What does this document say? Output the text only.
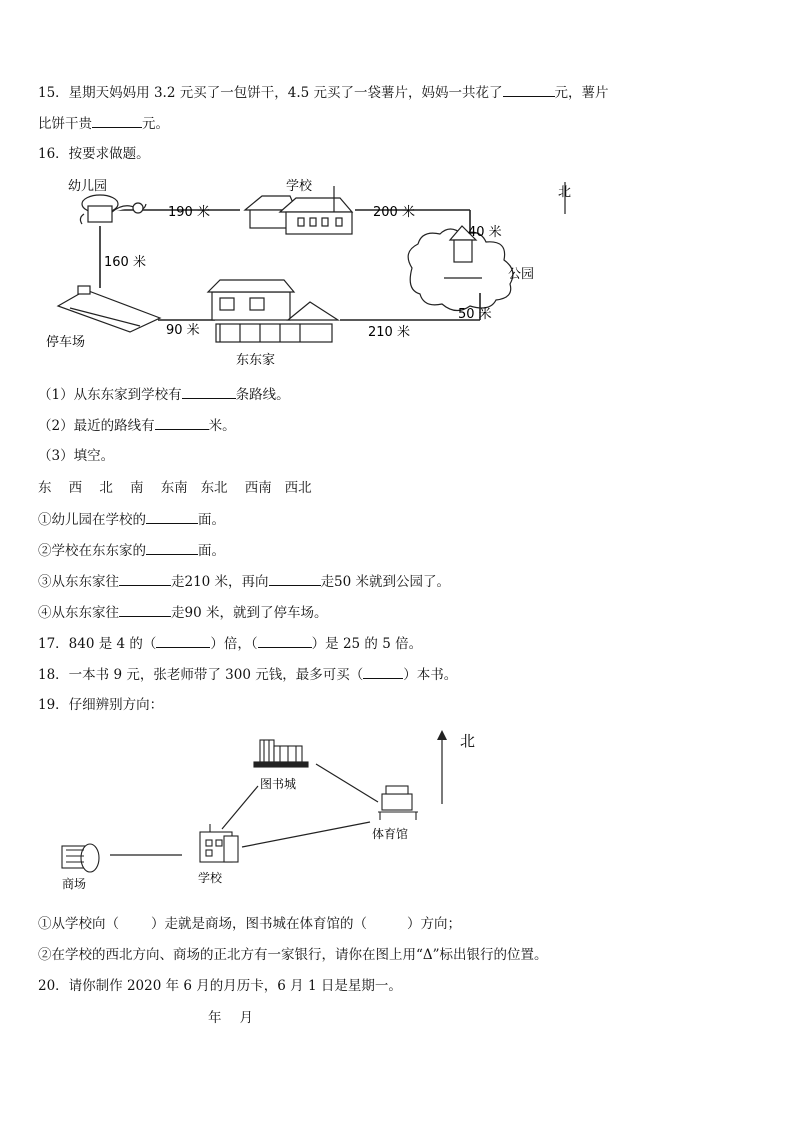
15．星期天妈妈用 3.2 元买了一包饼干，4.5 元买了一袋薯片，妈妈一共花了	元，薯片
比饼干贵	元。
16．按要求做题。
幼儿园	学校	北
公园
停车场
东东家
190 米	200 米
40 米
160 米
50 米
90 米	210 米
（1）从东东家到学校有	条路线。
（2）最近的路线有	米。
（3）填空。
东 西 北 南 东南 东北 西南 西北
①幼儿园在学校的	面。
②学校在东东家的	面。
③从东东家往	走210 米，再向	走50 米就到公园了。
④从东东家往	走90 米，就到了停车场。
17．840 是 4 的（	）倍，（	）是 25 的 5 倍。
18．一本书 9 元，张老师带了 300 元钱，最多可买（	）本书。
19．仔细辨别方向：
北
图书城
体育馆
商场	学校
①从学校向（ ）走就是商场，图书城在体育馆的（	）方向；
②在学校的西北方向、商场的正北方有一家银行，请你在图上用“Δ”标出银行的位置。
20．请你制作 2020 年 6 月的月历卡，6 月 1 日是星期一。
年 月
